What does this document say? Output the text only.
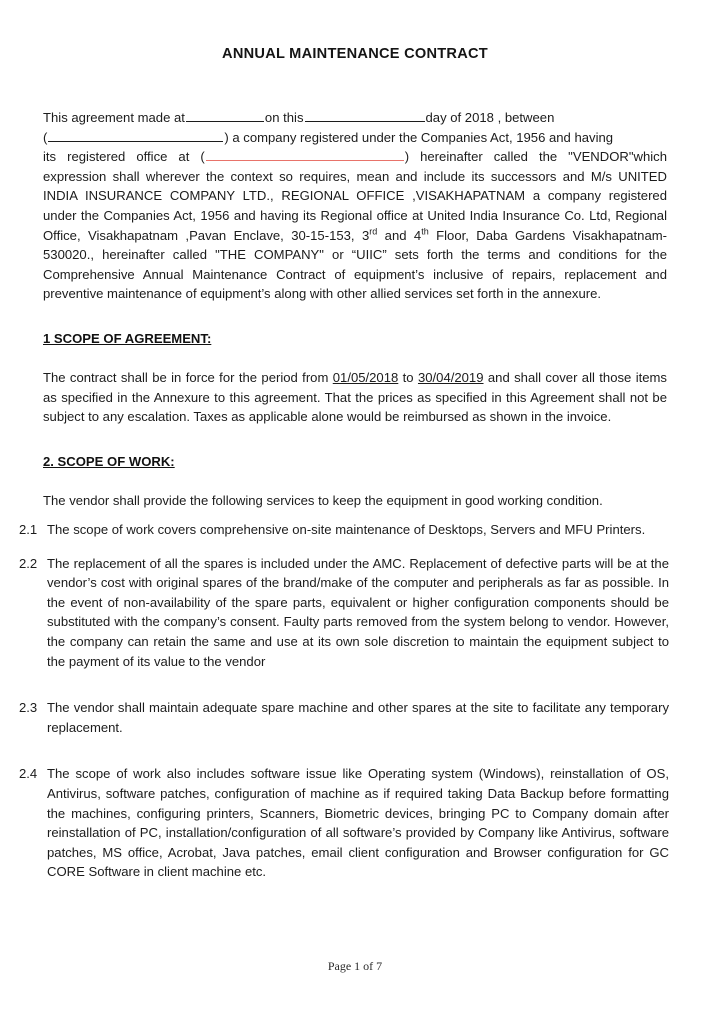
ANNUAL MAINTENANCE CONTRACT

This agreement made at	on this	day of 2018 , between
(	) a company registered under the Companies Act, 1956 and having
its registered office at (	) hereinafter called the "VENDOR"which expression shall wherever the context so requires, mean and include its successors and M/s UNITED INDIA INSURANCE COMPANY LTD., REGIONAL OFFICE ,VISAKHAPATNAM a company registered under the Companies Act, 1956 and having its Regional office at United India Insurance Co. Ltd, Regional Office, Visakhapatnam ,Pavan Enclave, 30-15-153, 3rd and 4th Floor, Daba Gardens Visakhapatnam-530020., hereinafter called "THE COMPANY" or “UIIC” sets forth the terms and conditions for the Comprehensive Annual Maintenance Contract of equipment’s inclusive of repairs, replacement and preventive maintenance of equipment’s along with other allied services set forth in the annexure.

1 SCOPE OF AGREEMENT:

The contract shall be in force for the period from 01/05/2018 to 30/04/2019 and shall cover all those items as specified in the Annexure to this agreement. That the prices as specified in this Agreement shall not be subject to any escalation. Taxes as applicable alone would be reimbursed as shown in the invoice.

2. SCOPE OF WORK:

The vendor shall provide the following services to keep the equipment in good working condition.

2.1 The scope of work covers comprehensive on-site maintenance of Desktops, Servers and MFU Printers.
2.2 The replacement of all the spares is included under the AMC. Replacement of defective parts will be at the vendor’s cost with original spares of the brand/make of the computer and peripherals as far as possible. In the event of non-availability of the spare parts, equivalent or higher configuration components should be substituted with the company’s consent. Faulty parts removed from the system belong to vendor. However, the company can retain the same and use at its own sole discretion to maintain the equipment subject to the payment of its value to the vendor
2.3 The vendor shall maintain adequate spare machine and other spares at the site to facilitate any temporary replacement.
2.4 The scope of work also includes software issue like Operating system (Windows), reinstallation of OS, Antivirus, software patches, configuration of machine as if required taking Data Backup before formatting the machines, configuring printers, Scanners, Biometric devices, bringing PC to Company domain after reinstallation of PC, installation/configuration of all software’s provided by Company like Antivirus, software patches, MS office, Acrobat, Java patches, email client configuration and Browser configuration for GC CORE Software in client machine etc.
Page 1 of 7
